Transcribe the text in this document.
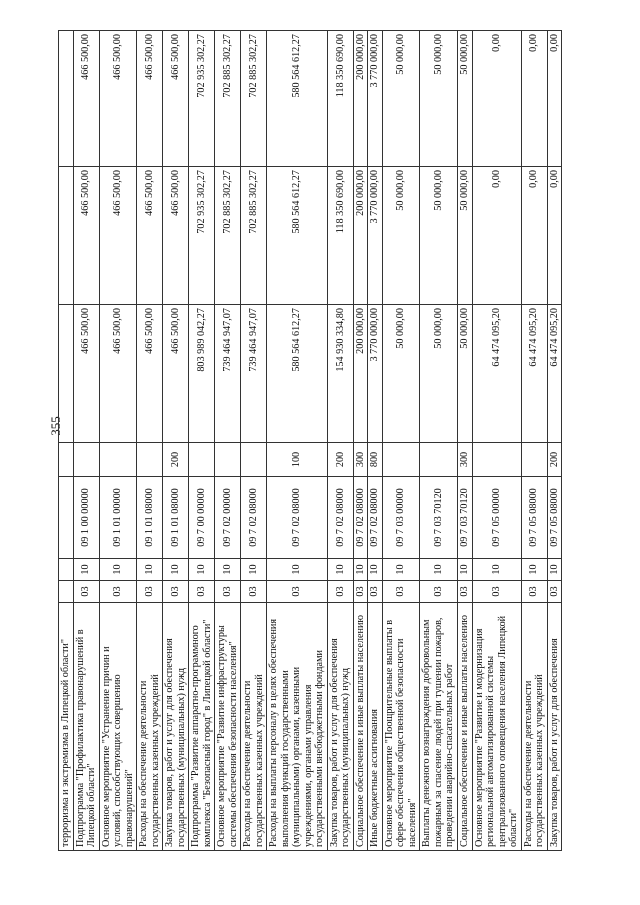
355
терроризма и экстремизма в Липецкой области"							
Подпрограмма "Профилактика правонарушений в Липецкой области"	03	10	09 1 00 00000		466 500,00	466 500,00	466 500,00
Основное мероприятие "Устранение причин и условий, способствующих совершению правонарушений"	03	10	09 1 01 00000		466 500,00	466 500,00	466 500,00
Расходы на обеспечение деятельности государственных казенных учреждений	03	10	09 1 01 08000		466 500,00	466 500,00	466 500,00
Закупка товаров, работ и услуг для обеспечения государственных (муниципальных) нужд	03	10	09 1 01 08000	200	466 500,00	466 500,00	466 500,00
Подпрограмма "Развитие аппаратно-программного комплекса "Безопасный город" в Липецкой области"	03	10	09 7 00 00000		803 989 042,27	702 935 302,27	702 935 302,27
Основное мероприятие "Развитие инфраструктуры системы обеспечения безопасности населения"	03	10	09 7 02 00000		739 464 947,07	702 885 302,27	702 885 302,27
Расходы на обеспечение деятельности государственных казенных учреждений	03	10	09 7 02 08000		739 464 947,07	702 885 302,27	702 885 302,27
Расходы на выплаты персоналу в целях обеспечения выполнения функций государственными (муниципальными) органами, казенными учреждениями, органами управления государственными внебюджетными фондами	03	10	09 7 02 08000	100	580 564 612,27	580 564 612,27	580 564 612,27
Закупка товаров, работ и услуг для обеспечения государственных (муниципальных) нужд	03	10	09 7 02 08000	200	154 930 334,80	118 350 690,00	118 350 690,00
Социальное обеспечение и иные выплаты населению	03	10	09 7 02 08000	300	200 000,00	200 000,00	200 000,00
Иные бюджетные ассигнования	03	10	09 7 02 08000	800	3 770 000,00	3 770 000,00	3 770 000,00
Основное мероприятие "Поощрительные выплаты в сфере обеспечения общественной безопасности населения"	03	10	09 7 03 00000		50 000,00	50 000,00	50 000,00
Выплаты денежного вознаграждения добровольным пожарным за спасение людей при тушении пожаров, проведении аварийно-спасательных работ	03	10	09 7 03 70120		50 000,00	50 000,00	50 000,00
Социальное обеспечение и иные выплаты населению	03	10	09 7 03 70120	300	50 000,00	50 000,00	50 000,00
Основное мероприятие "Развитие и модернизация региональной автоматизированной системы централизованного оповещения населения Липецкой области"	03	10	09 7 05 00000		64 474 095,20	0,00	0,00
Расходы на обеспечение деятельности государственных казенных учреждений	03	10	09 7 05 08000		64 474 095,20	0,00	0,00
Закупка товаров, работ и услуг для обеспечения	03	10	09 7 05 08000	200	64 474 095,20	0,00	0,00
